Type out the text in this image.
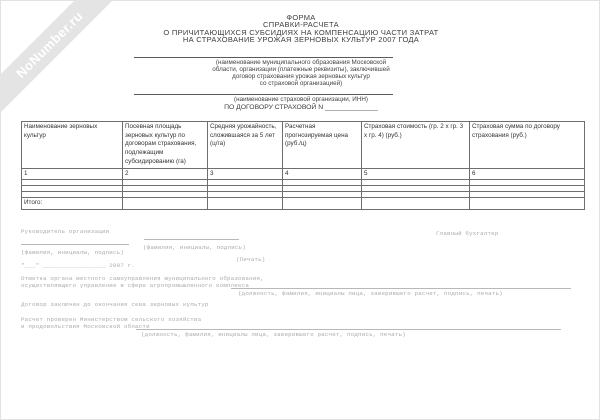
NoNumber.ru	ФОРМА
СПРАВКИ-РАСЧЕТА
О ПРИЧИТАЮЩИХСЯ СУБСИДИЯХ НА КОМПЕНСАЦИЮ ЧАСТИ ЗАТРАТ
НА СТРАХОВАНИЕ УРОЖАЯ ЗЕРНОВЫХ КУЛЬТУР 2007 ГОДА
(наименование муниципального образования Московской
области, организации (платежные реквизиты), заключившей
договор страхования урожая зерновых культур
со страховой организацией)
(наименование страховой организации, ИНН)
ПО ДОГОВОРУ СТРАХОВОЙ N ______________
Наименование зерновых культур	Посевная площадь зерновых культур по договорам страхования, подлежащим субсидированию (га)	Средняя урожайность, сложившаяся за 5 лет (ц/га)	Расчетная прогнозируемая цена (руб./ц)	Страховая стоимость (гр. 2 x гр. 3 x гр. 4) (руб.)	Страховая сумма по договору страхования (руб.)
1	2	3	4	5	6

Итого:					
Руководитель организации	Главный бухгалтер
(фамилия, инициалы, подпись)
(фамилия, инициалы, подпись)
(Печать)
"___" _________________ 2007 г.
Отметка органа местного самоуправления муниципального образования,
осуществляющего управление в сфере агропромышленного комплекса
(должность, фамилия, инициалы лица, заверившего расчет, подпись, печать)
Договор заключен до окончания сева зерновых культур
Расчет проверен Министерством сельского хозяйства
и продовольствия Московской области
(должность, фамилия, инициалы лица, заверившего расчет, подпись, печать)
